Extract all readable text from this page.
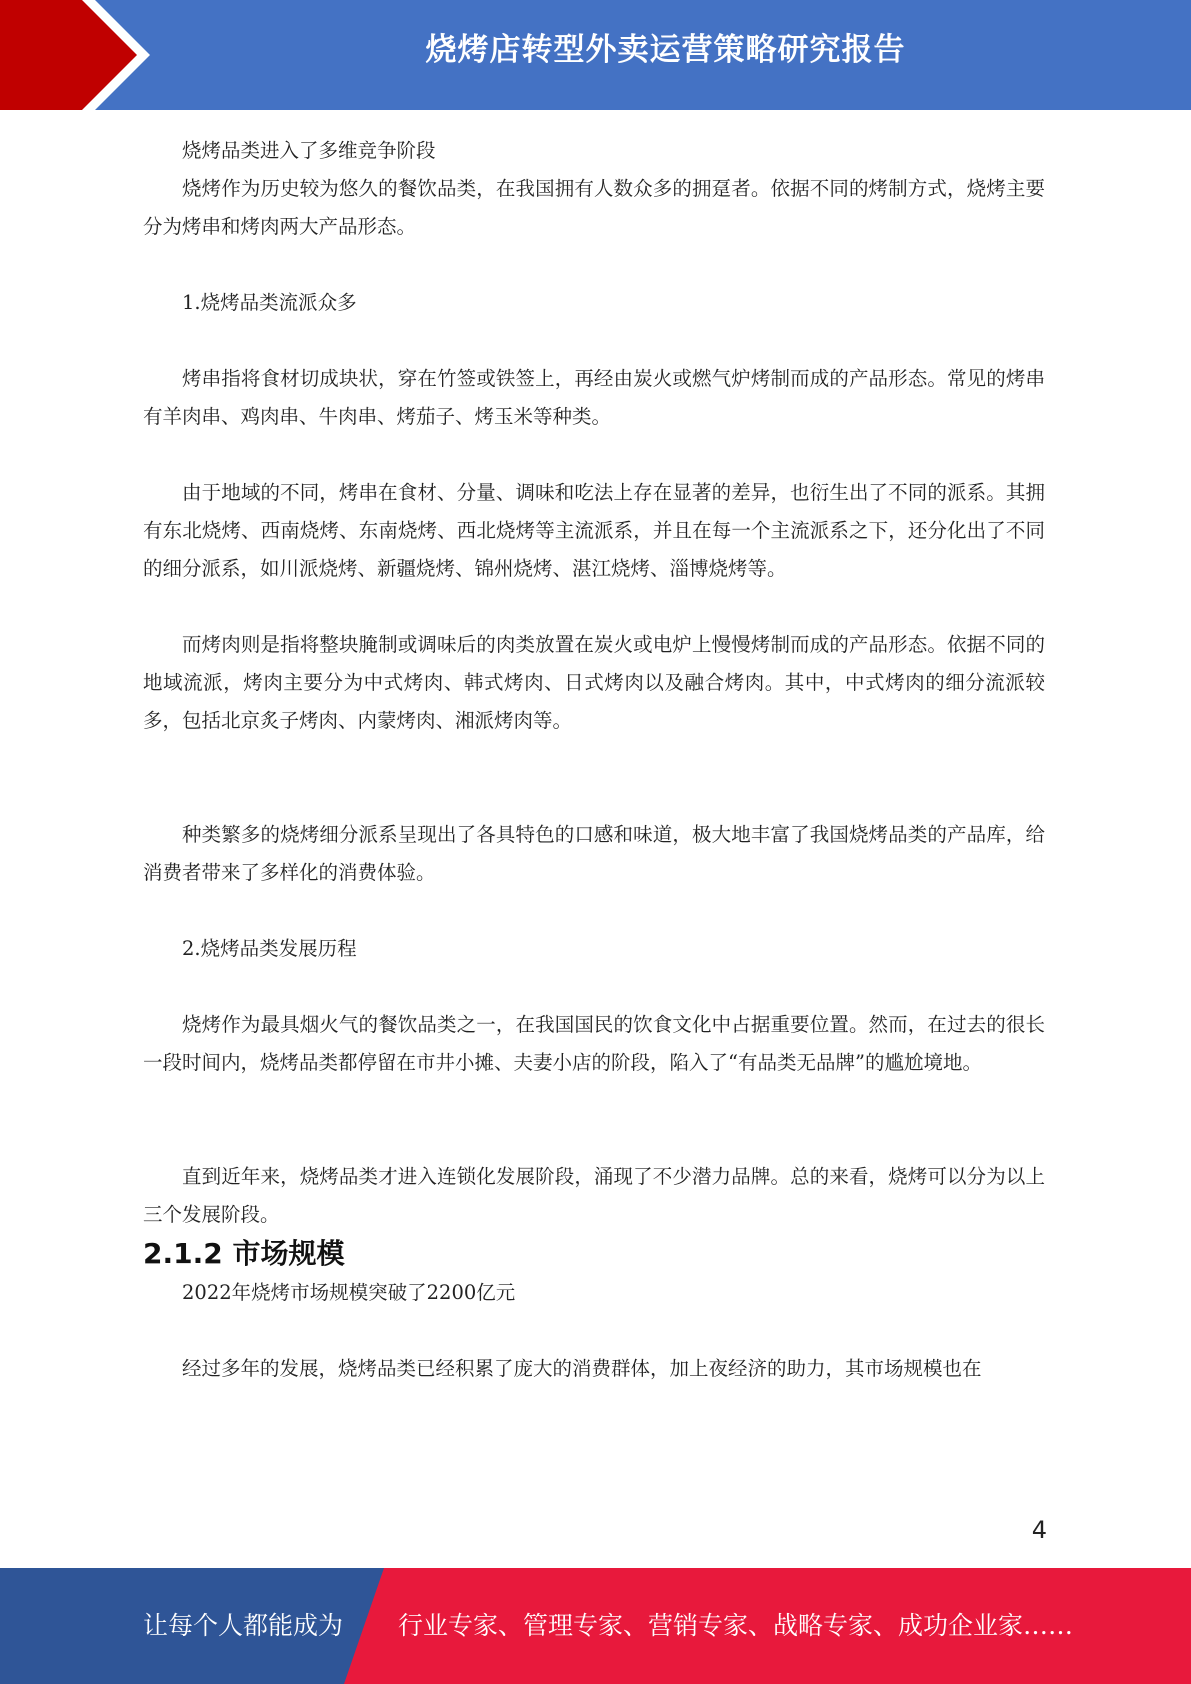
烧烤店转型外卖运营策略研究报告

烧烤品类进入了多维竞争阶段

烧烤作为历史较为悠久的餐饮品类，在我国拥有人数众多的拥趸者。依据不同的烤制方式，烧烤主要分为烤串和烤肉两大产品形态。

1.烧烤品类流派众多

烤串指将食材切成块状，穿在竹签或铁签上，再经由炭火或燃气炉烤制而成的产品形态。常见的烤串有羊肉串、鸡肉串、牛肉串、烤茄子、烤玉米等种类。

由于地域的不同，烤串在食材、分量、调味和吃法上存在显著的差异，也衍生出了不同的派系。其拥有东北烧烤、西南烧烤、东南烧烤、西北烧烤等主流派系，并且在每一个主流派系之下，还分化出了不同的细分派系，如川派烧烤、新疆烧烤、锦州烧烤、湛江烧烤、淄博烧烤等。

而烤肉则是指将整块腌制或调味后的肉类放置在炭火或电炉上慢慢烤制而成的产品形态。依据不同的地域流派，烤肉主要分为中式烤肉、韩式烤肉、日式烤肉以及融合烤肉。其中，中式烤肉的细分流派较多，包括北京炙子烤肉、内蒙烤肉、湘派烤肉等。

种类繁多的烧烤细分派系呈现出了各具特色的口感和味道，极大地丰富了我国烧烤品类的产品库，给消费者带来了多样化的消费体验。

2.烧烤品类发展历程

烧烤作为最具烟火气的餐饮品类之一，在我国国民的饮食文化中占据重要位置。然而，在过去的很长一段时间内，烧烤品类都停留在市井小摊、夫妻小店的阶段，陷入了“有品类无品牌”的尴尬境地。

直到近年来，烧烤品类才进入连锁化发展阶段，涌现了不少潜力品牌。总的来看，烧烤可以分为以上三个发展阶段。

2.1.2 市场规模

2022年烧烤市场规模突破了2200亿元

经过多年的发展，烧烤品类已经积累了庞大的消费群体，加上夜经济的助力，其市场规模也在

4
让每个人都能成为 行业专家、管理专家、营销专家、战略专家、成功企业家……
